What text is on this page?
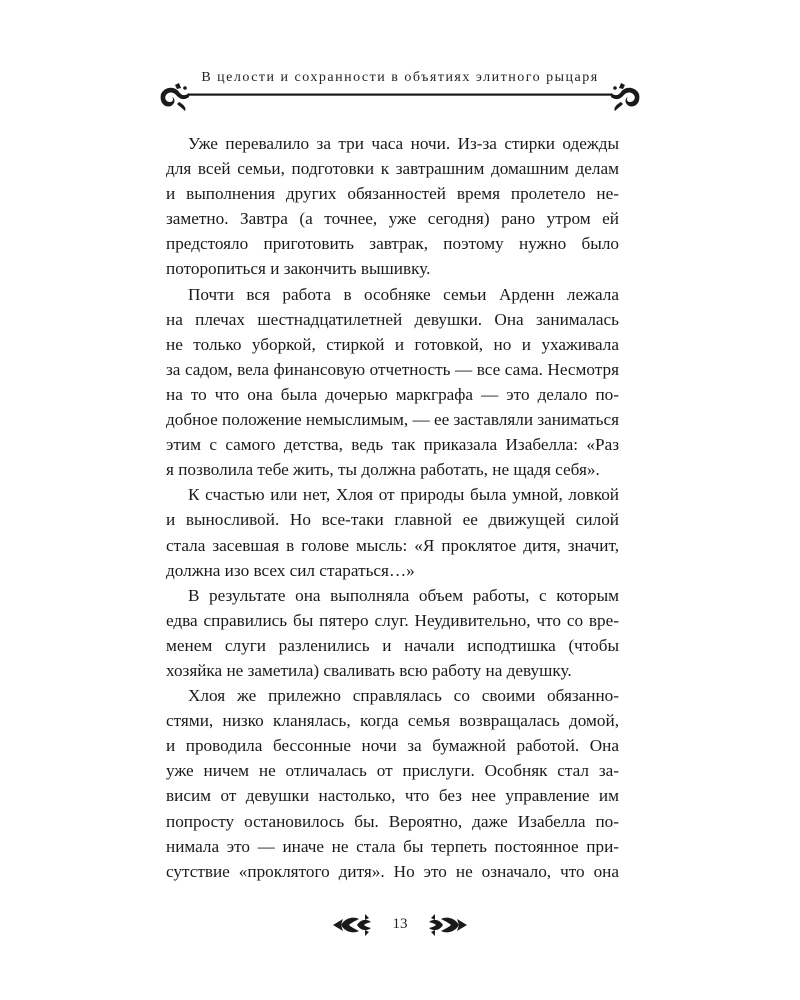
В целости и сохранности в объятиях элитного рыцаря
Уже перевалило за три часа ночи. Из-за стирки одежды
для всей семьи, подготовки к завтрашним домашним делам
и выполнения других обязанностей время пролетело не-
заметно. Завтра (а точнее, уже сегодня) рано утром ей
предстояло приготовить завтрак, поэтому нужно было
поторопиться и закончить вышивку.
Почти вся работа в особняке семьи Арденн лежала
на плечах шестнадцатилетней девушки. Она занималась
не только уборкой, стиркой и готовкой, но и ухаживала
за садом, вела финансовую отчетность — все сама. Несмотря
на то что она была дочерью маркграфа — это делало по-
добное положение немыслимым, — ее заставляли заниматься
этим с самого детства, ведь так приказала Изабелла: «Раз
я позволила тебе жить, ты должна работать, не щадя себя».
К счастью или нет, Хлоя от природы была умной, ловкой
и выносливой. Но все-таки главной ее движущей силой
стала засевшая в голове мысль: «Я проклятое дитя, значит,
должна изо всех сил стараться…»
В результате она выполняла объем работы, с которым
едва справились бы пятеро слуг. Неудивительно, что со вре-
менем слуги разленились и начали исподтишка (чтобы
хозяйка не заметила) сваливать всю работу на девушку.
Хлоя же прилежно справлялась со своими обязанно-
стями, низко кланялась, когда семья возвращалась домой,
и проводила бессонные ночи за бумажной работой. Она
уже ничем не отличалась от прислуги. Особняк стал за-
висим от девушки настолько, что без нее управление им
попросту остановилось бы. Вероятно, даже Изабелла по-
нимала это — иначе не стала бы терпеть постоянное при-
сутствие «проклятого дитя». Но это не означало, что она
13
